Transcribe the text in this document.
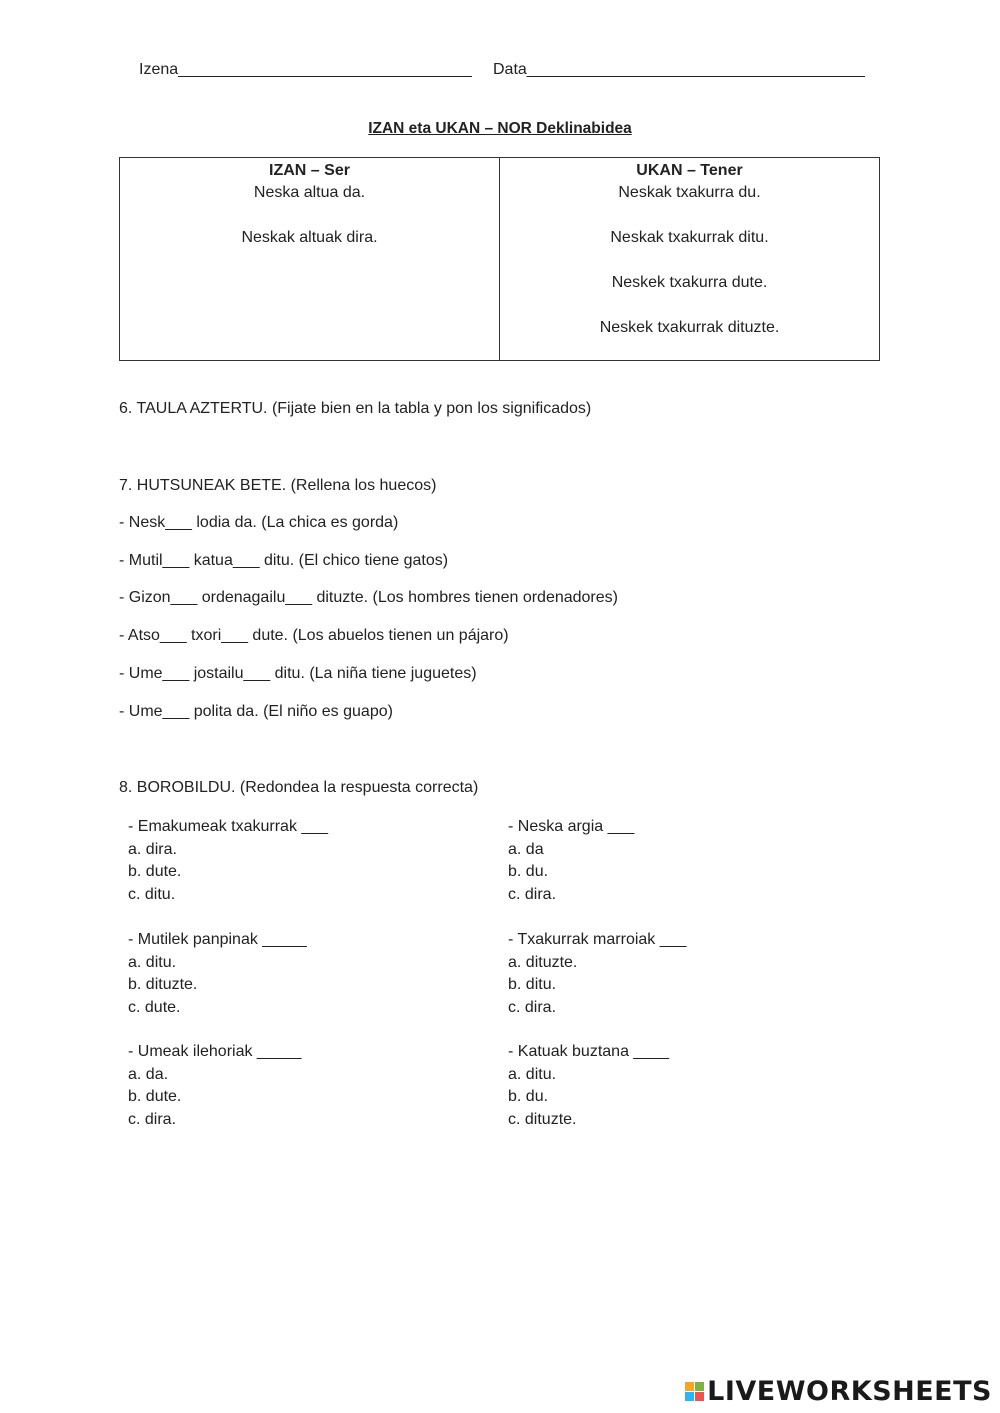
Izena_________________________________ Data______________________________________
IZAN eta UKAN – NOR Deklinabidea
IZAN – Ser
Neska altua da.
Neskak altuak dira.

UKAN – Tener
Neskak txakurra du.
Neskak txakurrak ditu.
Neskek txakurra dute.
Neskek txakurrak dituzte.
6. TAULA AZTERTU. (Fijate bien en la tabla y pon los significados)
7. HUTSUNEAK BETE. (Rellena los huecos)
- Nesk___ lodia da. (La chica es gorda)
- Mutil___ katua___ ditu. (El chico tiene gatos)
- Gizon___ ordenagailu___ dituzte. (Los hombres tienen ordenadores)
- Atso___ txori___ dute. (Los abuelos tienen un pájaro)
- Ume___ jostailu___ ditu. (La niña tiene juguetes)
- Ume___ polita da. (El niño es guapo)
8. BOROBILDU. (Redondea la respuesta correcta)
- Emakumeak txakurrak ___
a. dira.
b. dute.
c. ditu.
- Mutilek panpinak _____
a. ditu.
b. dituzte.
c. dute.
- Umeak ilehoriak _____
a. da.
b. dute.
c. dira.
- Neska argia ___
a. da
b. du.
c. dira.
- Txakurrak marroiak ___
a. dituzte.
b. ditu.
c. dira.
- Katuak buztana ____
a. ditu.
b. du.
c. dituzte.
LIVEWORKSHEETS
